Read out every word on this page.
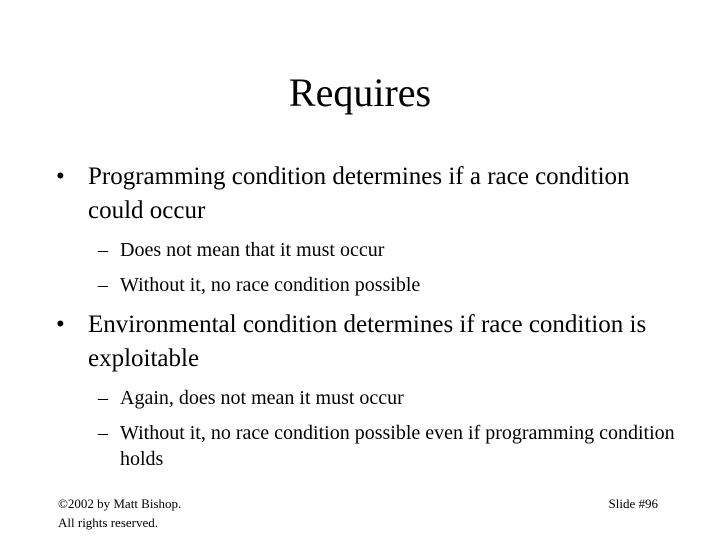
Requires
• Programming condition determines if a race condition could occur
– Does not mean that it must occur
– Without it, no race condition possible
• Environmental condition determines if race condition is exploitable
– Again, does not mean it must occur
– Without it, no race condition possible even if programming condition holds
©2002 by Matt Bishop.
All rights reserved.
Slide #96
